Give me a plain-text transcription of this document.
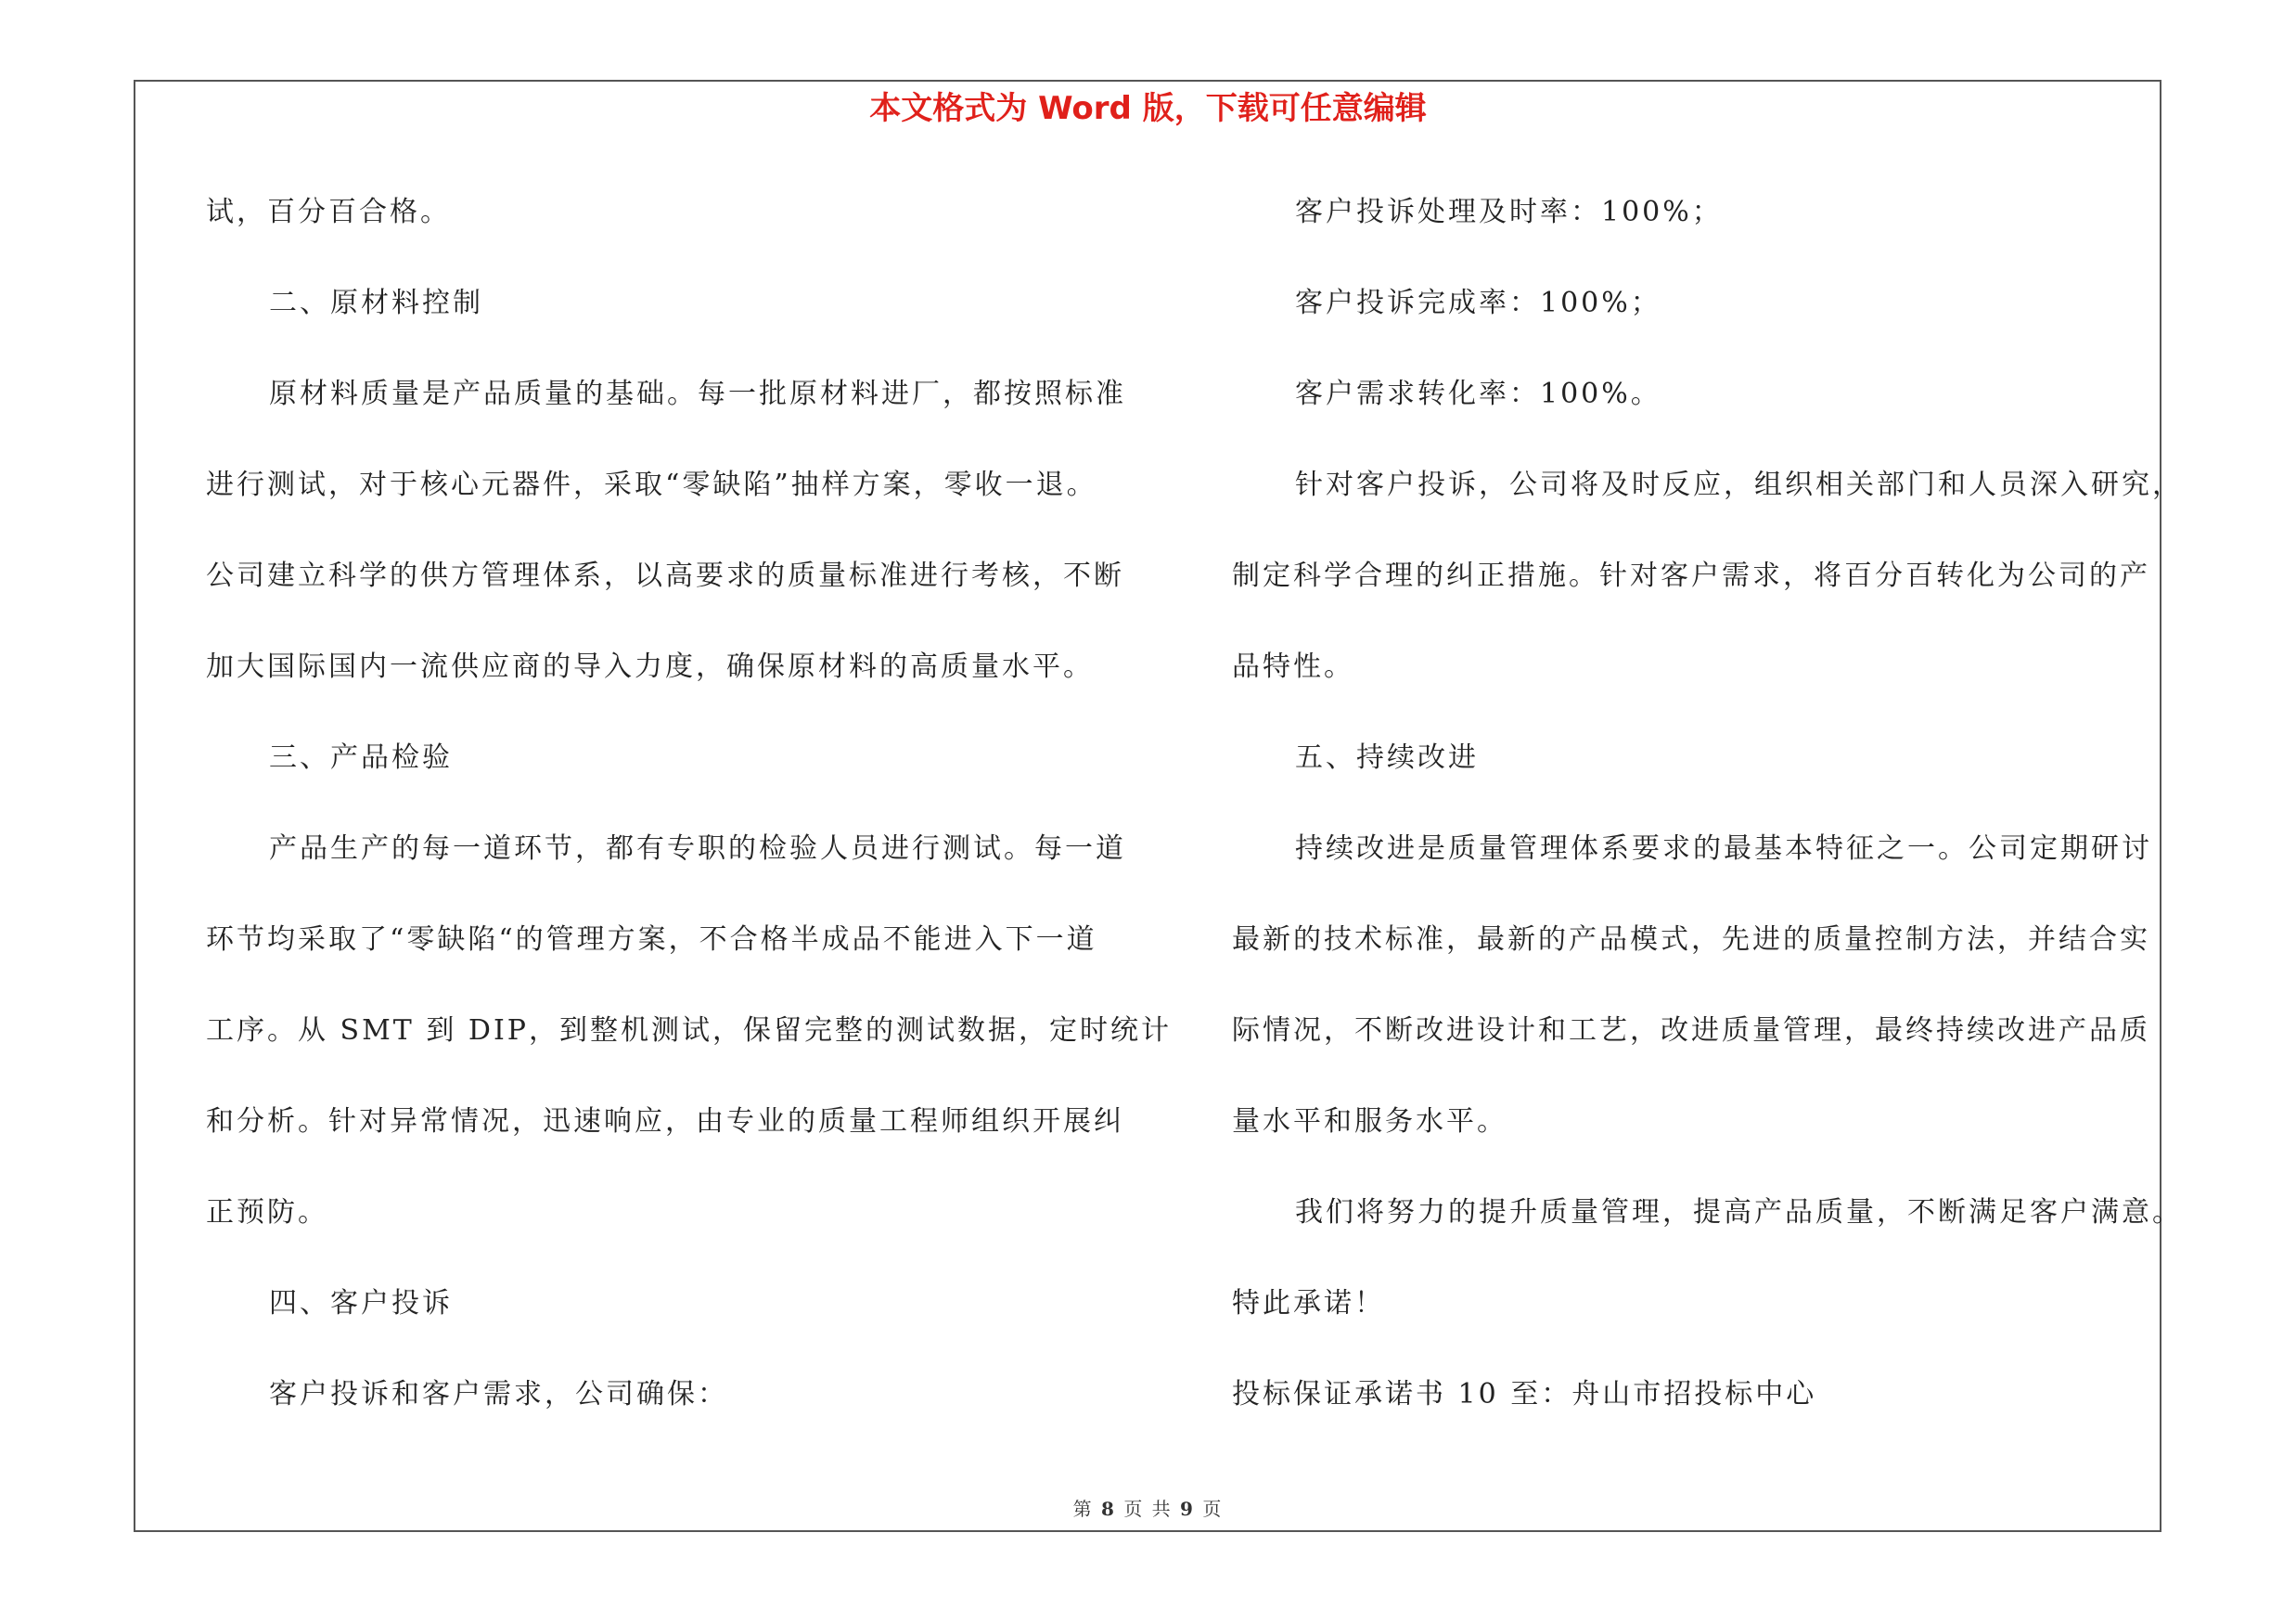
本文格式为 Word 版，下载可任意编辑
试，百分百合格。
二、原材料控制
原材料质量是产品质量的基础。每一批原材料进厂，都按照标准
进行测试，对于核心元器件，采取“零缺陷”抽样方案，零收一退。
公司建立科学的供方管理体系，以高要求的质量标准进行考核，不断
加大国际国内一流供应商的导入力度，确保原材料的高质量水平。
三、产品检验
产品生产的每一道环节，都有专职的检验人员进行测试。每一道
环节均采取了“零缺陷“的管理方案，不合格半成品不能进入下一道
工序。从 SMT 到 DIP，到整机测试，保留完整的测试数据，定时统计
和分析。针对异常情况，迅速响应，由专业的质量工程师组织开展纠
正预防。
四、客户投诉
客户投诉和客户需求，公司确保：
客户投诉处理及时率：100%；
客户投诉完成率：100%；
客户需求转化率：100%。
针对客户投诉，公司将及时反应，组织相关部门和人员深入研究，
制定科学合理的纠正措施。针对客户需求，将百分百转化为公司的产
品特性。
五、持续改进
持续改进是质量管理体系要求的最基本特征之一。公司定期研讨
最新的技术标准，最新的产品模式，先进的质量控制方法，并结合实
际情况，不断改进设计和工艺，改进质量管理，最终持续改进产品质
量水平和服务水平。
我们将努力的提升质量管理，提高产品质量，不断满足客户满意。
特此承诺！
投标保证承诺书 10 至：舟山市招投标中心
第 8 页 共 9 页
